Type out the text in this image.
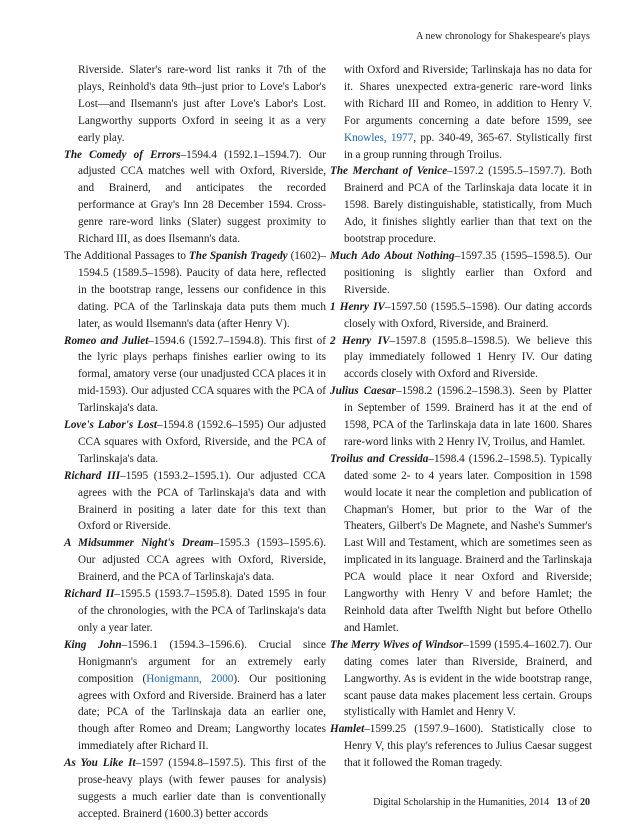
A new chronology for Shakespeare's plays

Riverside. Slater's rare-word list ranks it 7th of the plays, Reinhold's data 9th–just prior to Love's Labor's Lost—and Ilsemann's just after Love's Labor's Lost. Langworthy supports Oxford in seeing it as a very early play.

The Comedy of Errors–1594.4 (1592.1–1594.7). Our adjusted CCA matches well with Oxford, Riverside, and Brainerd, and anticipates the recorded performance at Gray's Inn 28 December 1594. Cross-genre rare-word links (Slater) suggest proximity to Richard III, as does Ilsemann's data.

The Additional Passages to The Spanish Tragedy (1602)–1594.5 (1589.5–1598). Paucity of data here, reflected in the bootstrap range, lessens our confidence in this dating. PCA of the Tarlinskaja data puts them much later, as would Ilsemann's data (after Henry V).

Romeo and Juliet–1594.6 (1592.7–1594.8). This first of the lyric plays perhaps finishes earlier owing to its formal, amatory verse (our unadjusted CCA places it in mid-1593). Our adjusted CCA squares with the PCA of Tarlinskaja's data.

Love's Labor's Lost–1594.8 (1592.6–1595) Our adjusted CCA squares with Oxford, Riverside, and the PCA of Tarlinskaja's data.

Richard III–1595 (1593.2–1595.1). Our adjusted CCA agrees with the PCA of Tarlinskaja's data and with Brainerd in positing a later date for this text than Oxford or Riverside.

A Midsummer Night's Dream–1595.3 (1593–1595.6). Our adjusted CCA agrees with Oxford, Riverside, Brainerd, and the PCA of Tarlinskaja's data.

Richard II–1595.5 (1593.7–1595.8). Dated 1595 in four of the chronologies, with the PCA of Tarlinskaja's data only a year later.

King John–1596.1 (1594.3–1596.6). Crucial since Honigmann's argument for an extremely early composition (Honigmann, 2000). Our positioning agrees with Oxford and Riverside. Brainerd has a later date; PCA of the Tarlinskaja data an earlier one, though after Romeo and Dream; Langworthy locates immediately after Richard II.

As You Like It–1597 (1594.8–1597.5). This first of the prose-heavy plays (with fewer pauses for analysis) suggests a much earlier date than is conventionally accepted. Brainerd (1600.3) better accords

with Oxford and Riverside; Tarlinskaja has no data for it. Shares unexpected extra-generic rare-word links with Richard III and Romeo, in addition to Henry V. For arguments concerning a date before 1599, see Knowles, 1977, pp. 340-49, 365-67. Stylistically first in a group running through Troilus.

The Merchant of Venice–1597.2 (1595.5–1597.7). Both Brainerd and PCA of the Tarlinskaja data locate it in 1598. Barely distinguishable, statistically, from Much Ado, it finishes slightly earlier than that text on the bootstrap procedure.

Much Ado About Nothing–1597.35 (1595–1598.5). Our positioning is slightly earlier than Oxford and Riverside.

1 Henry IV–1597.50 (1595.5–1598). Our dating accords closely with Oxford, Riverside, and Brainerd.

2 Henry IV–1597.8 (1595.8–1598.5). We believe this play immediately followed 1 Henry IV. Our dating accords closely with Oxford and Riverside.

Julius Caesar–1598.2 (1596.2–1598.3). Seen by Platter in September of 1599. Brainerd has it at the end of 1598, PCA of the Tarlinskaja data in late 1600. Shares rare-word links with 2 Henry IV, Troilus, and Hamlet.

Troilus and Cressida–1598.4 (1596.2–1598.5). Typically dated some 2- to 4 years later. Composition in 1598 would locate it near the completion and publication of Chapman's Homer, but prior to the War of the Theaters, Gilbert's De Magnete, and Nashe's Summer's Last Will and Testament, which are sometimes seen as implicated in its language. Brainerd and the Tarlinskaja PCA would place it near Oxford and Riverside; Langworthy with Henry V and before Hamlet; the Reinhold data after Twelfth Night but before Othello and Hamlet.

The Merry Wives of Windsor–1599 (1595.4–1602.7). Our dating comes later than Riverside, Brainerd, and Langworthy. As is evident in the wide bootstrap range, scant pause data makes placement less certain. Groups stylistically with Hamlet and Henry V.

Hamlet–1599.25 (1597.9–1600). Statistically close to Henry V, this play's references to Julius Caesar suggest that it followed the Roman tragedy.

Digital Scholarship in the Humanities, 2014 13 of 20
